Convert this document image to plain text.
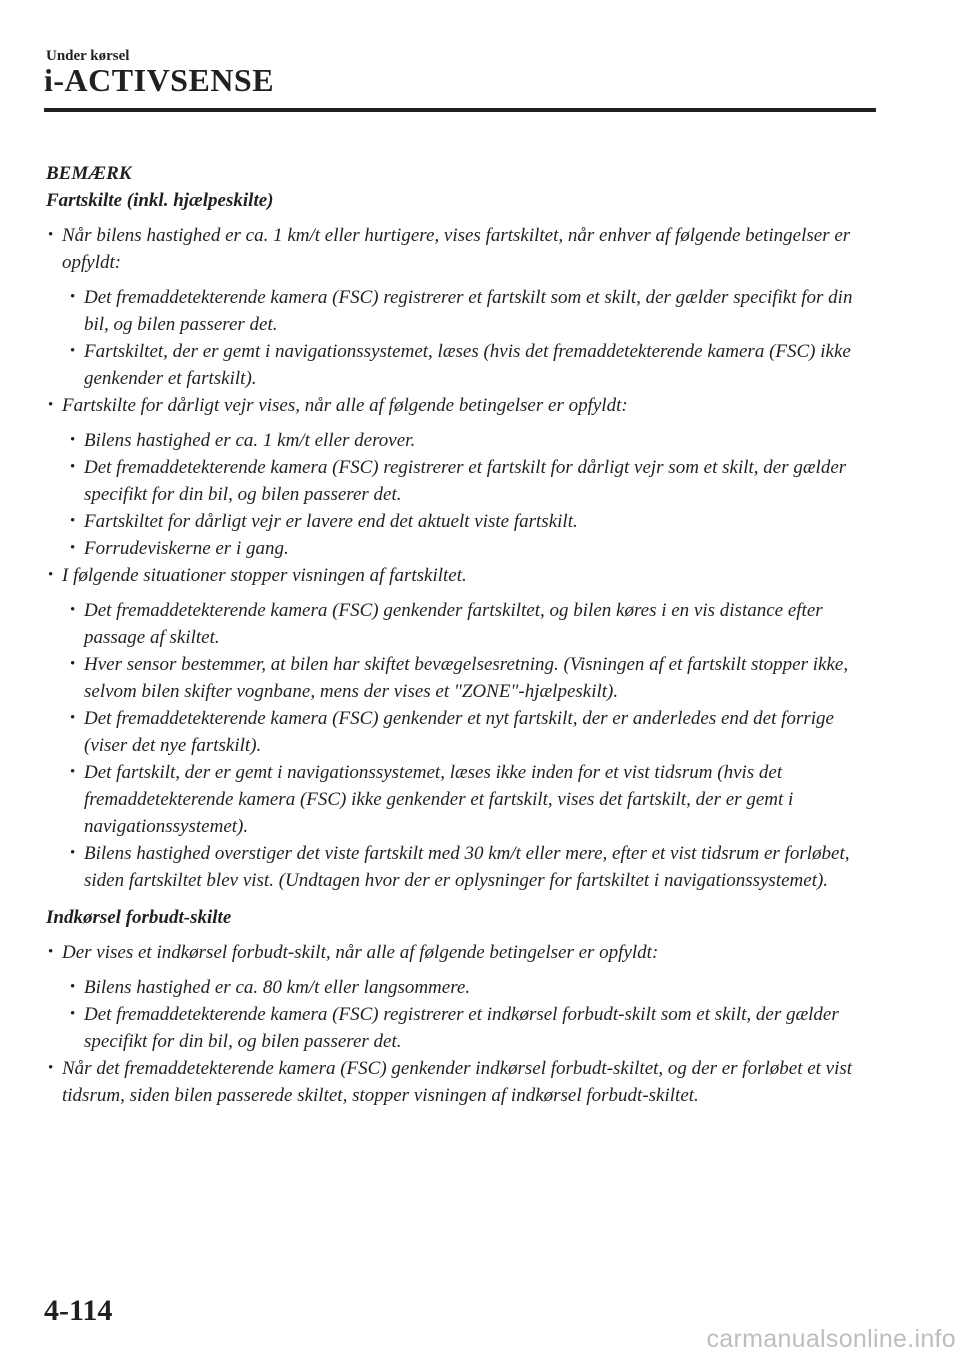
Under kørsel
i-ACTIVSENSE
BEMÆRK
Fartskilte (inkl. hjælpeskilte)
• Når bilens hastighed er ca. 1 km/t eller hurtigere, vises fartskiltet, når enhver af følgende betingelser er opfyldt:
• Det fremaddetekterende kamera (FSC) registrerer et fartskilt som et skilt, der gælder specifikt for din bil, og bilen passerer det.
• Fartskiltet, der er gemt i navigationssystemet, læses (hvis det fremaddetekterende kamera (FSC) ikke genkender et fartskilt).
• Fartskilte for dårligt vejr vises, når alle af følgende betingelser er opfyldt:
• Bilens hastighed er ca. 1 km/t eller derover.
• Det fremaddetekterende kamera (FSC) registrerer et fartskilt for dårligt vejr som et skilt, der gælder specifikt for din bil, og bilen passerer det.
• Fartskiltet for dårligt vejr er lavere end det aktuelt viste fartskilt.
• Forrudeviskerne er i gang.
• I følgende situationer stopper visningen af fartskiltet.
• Det fremaddetekterende kamera (FSC) genkender fartskiltet, og bilen køres i en vis distance efter passage af skiltet.
• Hver sensor bestemmer, at bilen har skiftet bevægelsesretning. (Visningen af et fartskilt stopper ikke, selvom bilen skifter vognbane, mens der vises et "ZONE"-hjælpeskilt).
• Det fremaddetekterende kamera (FSC) genkender et nyt fartskilt, der er anderledes end det forrige (viser det nye fartskilt).
• Det fartskilt, der er gemt i navigationssystemet, læses ikke inden for et vist tidsrum (hvis det fremaddetekterende kamera (FSC) ikke genkender et fartskilt, vises det fartskilt, der er gemt i navigationssystemet).
• Bilens hastighed overstiger det viste fartskilt med 30 km/t eller mere, efter et vist tidsrum er forløbet, siden fartskiltet blev vist. (Undtagen hvor der er oplysninger for fartskiltet i navigationssystemet).
Indkørsel forbudt-skilte
• Der vises et indkørsel forbudt-skilt, når alle af følgende betingelser er opfyldt:
• Bilens hastighed er ca. 80 km/t eller langsommere.
• Det fremaddetekterende kamera (FSC) registrerer et indkørsel forbudt-skilt som et skilt, der gælder specifikt for din bil, og bilen passerer det.
• Når det fremaddetekterende kamera (FSC) genkender indkørsel forbudt-skiltet, og der er forløbet et vist tidsrum, siden bilen passerede skiltet, stopper visningen af indkørsel forbudt-skiltet.
4-114
carmanualsonline.info
